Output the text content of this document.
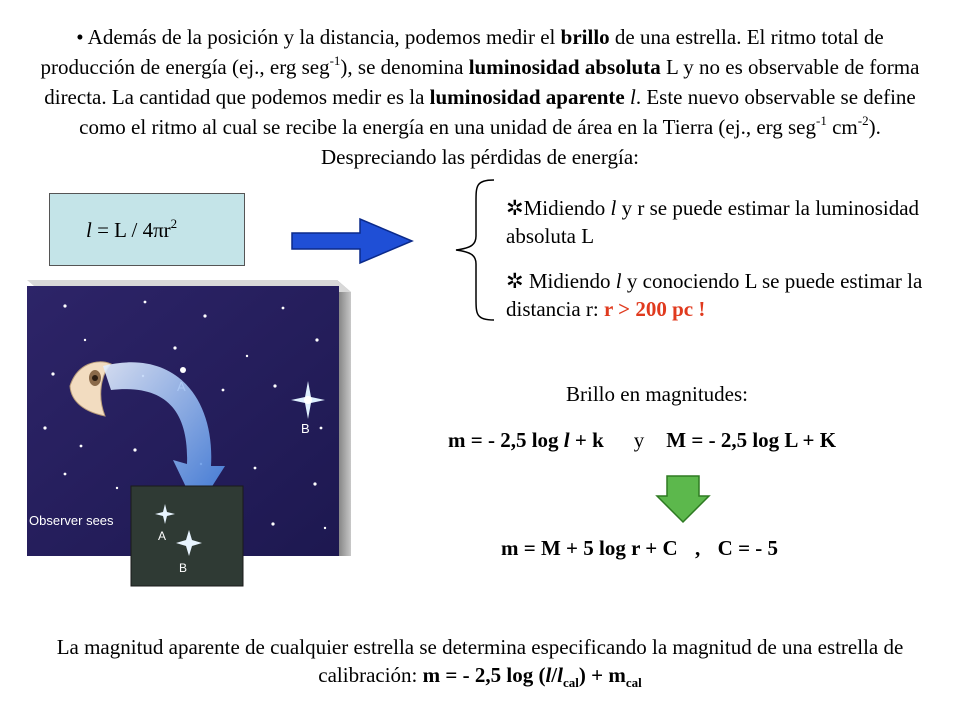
• Además de la posición y la distancia, podemos medir el brillo de una estrella. El ritmo total de producción de energía (ej., erg seg$^{-1}$), se denomina luminosidad absoluta L y no es observable de forma directa. La cantidad que podemos medir es la luminosidad aparente l. Este nuevo observable se define como el ritmo al cual se recibe la energía en una unidad de área en la Tierra (ej., erg seg$^{-1}$ $cm^{-2}$). Despreciando las pérdidas de energía:
$l = L / 4\pi r^2$
✲Midiendo l y r se puede estimar la luminosidad absoluta L
✲ Midiendo l y conociendo L se puede estimar la distancia r: r > 200 pc !
B
Observer sees
A
B
Brillo en magnitudes:
m = - 2,5 log l + k y M = - 2,5 log L + K
m = M + 5 log r + C , C = - 5
La magnitud aparente de cualquier estrella se determina especificando la magnitud de una estrella de calibración: m = - 2,5 $\log (l/l_{cal}) + m_{cal}$
